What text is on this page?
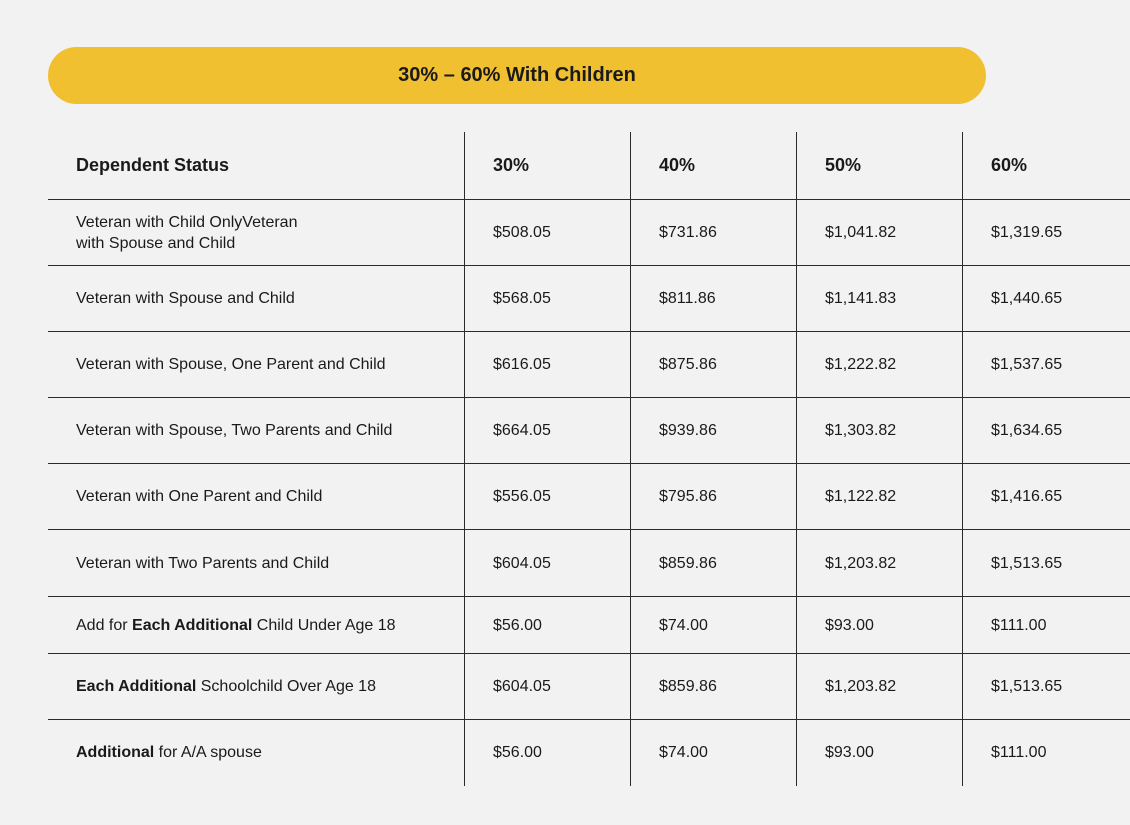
30% – 60% With Children
Dependent Status	30%	40%	50%	60%
Veteran with Child OnlyVeteran
with Spouse and Child	$508.05	$731.86	$1,041.82	$1,319.65
Veteran with Spouse and Child	$568.05	$811.86	$1,141.83	$1,440.65
Veteran with Spouse, One Parent and Child	$616.05	$875.86	$1,222.82	$1,537.65
Veteran with Spouse, Two Parents and Child	$664.05	$939.86	$1,303.82	$1,634.65
Veteran with One Parent and Child	$556.05	$795.86	$1,122.82	$1,416.65
Veteran with Two Parents and Child	$604.05	$859.86	$1,203.82	$1,513.65
Add for Each Additional Child Under Age 18	$56.00	$74.00	$93.00	$111.00
Each Additional Schoolchild Over Age 18	$604.05	$859.86	$1,203.82	$1,513.65
Additional for A/A spouse	$56.00	$74.00	$93.00	$111.00
